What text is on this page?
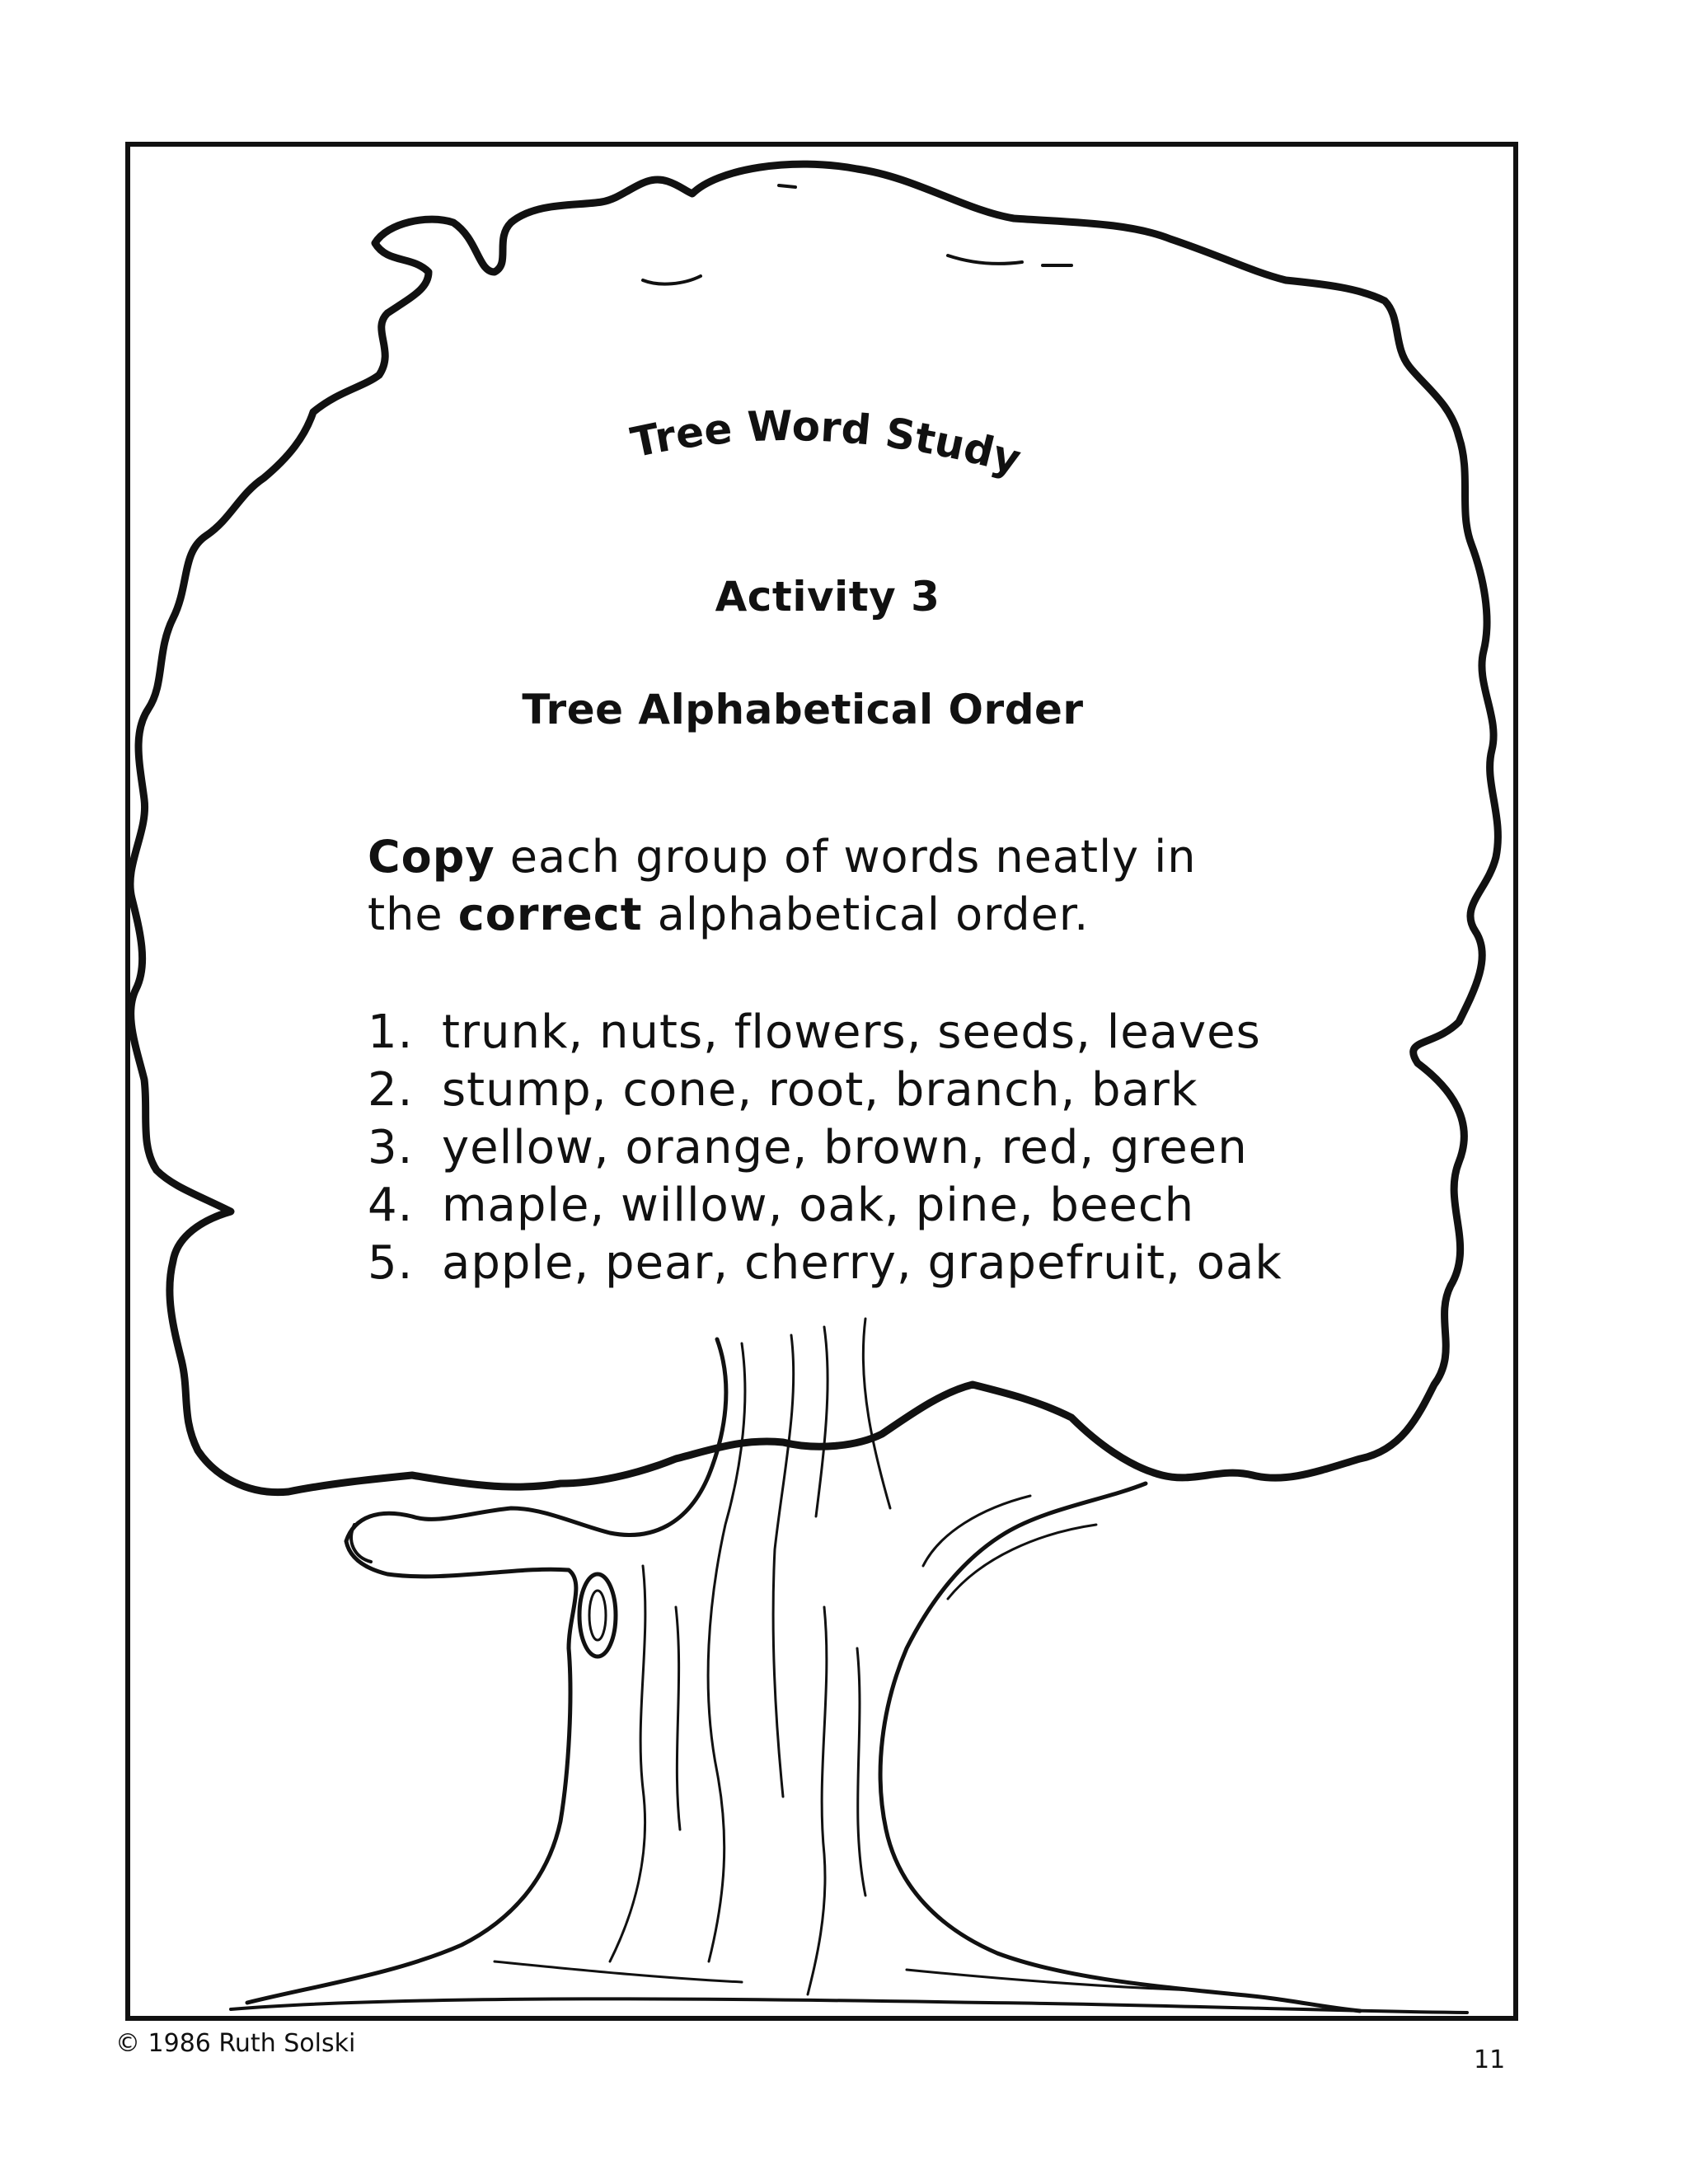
Tree Word Study
Activity 3
Tree Alphabetical Order
Copy each group of words neatly in
the correct alphabetical order.
1. trunk, nuts, flowers, seeds, leaves
2. stump, cone, root, branch, bark
3. yellow, orange, brown, red, green
4. maple, willow, oak, pine, beech
5. apple, pear, cherry, grapefruit, oak
© 1986 Ruth Solski
11
